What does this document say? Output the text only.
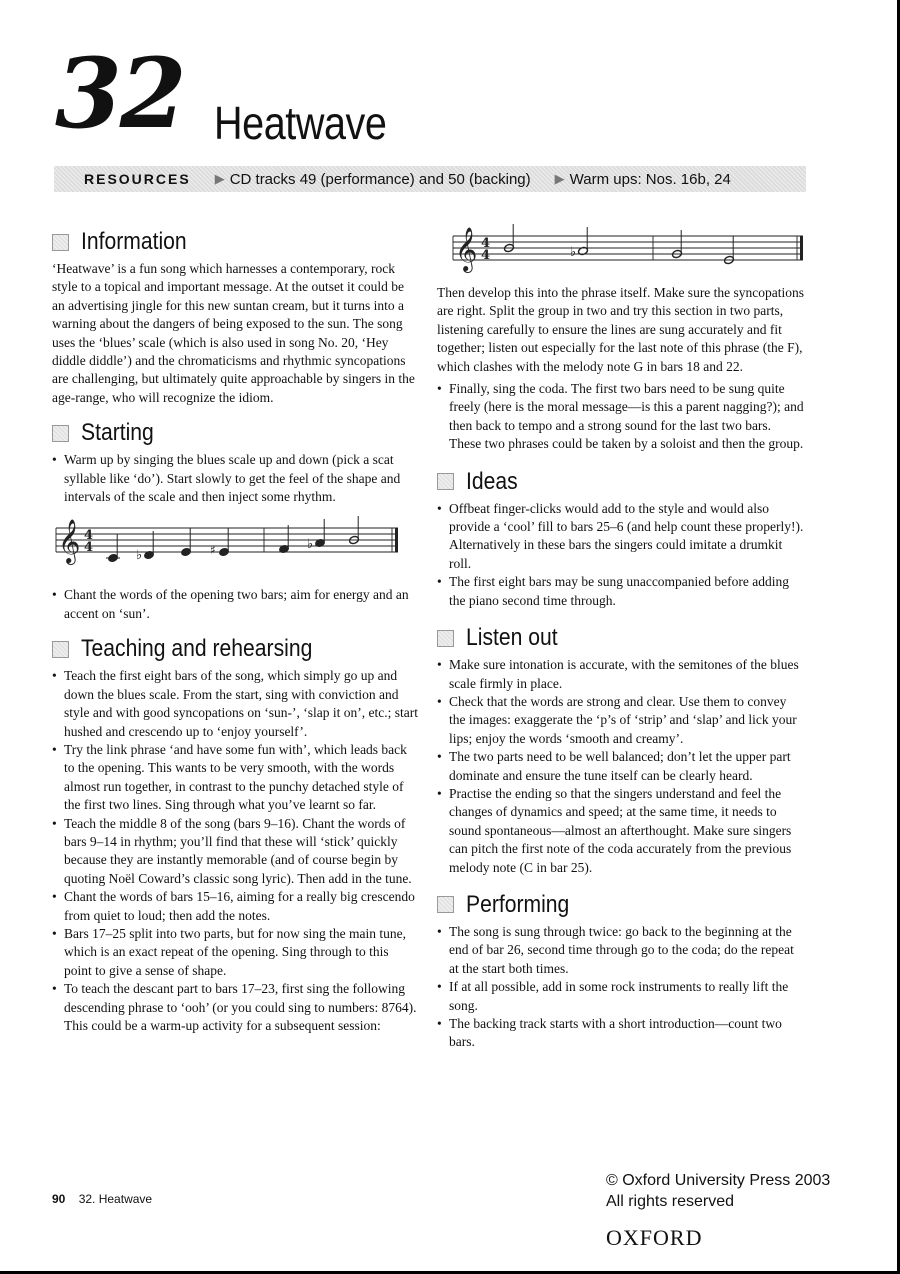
32 Heatwave
RESOURCES ▶ CD tracks 49 (performance) and 50 (backing) ▶ Warm ups: Nos. 16b, 24
Information

‘Heatwave’ is a fun song which harnesses a contemporary, rock style to a topical and important message. At the outset it could be an advertising jingle for this new suntan cream, but it turns into a warning about the dangers of being exposed to the sun. The song uses the ‘blues’ scale (which is also used in song No. 20, ‘Hey diddle diddle’) and the chromaticisms and rhythmic syncopations are challenging, but ultimately quite approachable by singers in the age-range, who will recognize the idiom.

Starting
• Warm up by singing the blues scale up and down (pick a scat syllable like ‘do’). Start slowly to get the feel of the shape and intervals of the scale and then inject some rhythm.
𝄞 4
4
♭	♯	♭
• Chant the words of the opening two bars; aim for energy and an accent on ‘sun’.
Teaching and rehearsing
• Teach the first eight bars of the song, which simply go up and down the blues scale. From the start, sing with conviction and style and with good syncopations on ‘sun-’, ‘slap it on’, etc.; start hushed and crescendo up to ‘enjoy yourself’.
• Try the link phrase ‘and have some fun with’, which leads back to the opening. This wants to be very smooth, with the words almost run together, in contrast to the punchy detached style of the first two lines. Sing through what you’ve learnt so far.
• Teach the middle 8 of the song (bars 9–16). Chant the words of bars 9–14 in rhythm; you’ll find that these will ‘stick’ quickly because they are instantly memorable (and of course begin by quoting Noël Coward’s classic song lyric). Then add in the tune.
• Chant the words of bars 15–16, aiming for a really big crescendo from quiet to loud; then add the notes.
• Bars 17–25 split into two parts, but for now sing the main tune, which is an exact repeat of the opening. Sing through to this point to give a sense of shape.
• To teach the descant part to bars 17–23, first sing the following descending phrase to ‘ooh’ (or you could sing to numbers: 8764). This could be a warm-up activity for a subsequent session:
𝄞 4
4	♭

Then develop this into the phrase itself. Make sure the syncopations are right. Split the group in two and try this section in two parts, listening carefully to ensure the lines are sung accurately and fit together; listen out especially for the last note of this phrase (the F), which clashes with the melody note G in bars 18 and 22.

• Finally, sing the coda. The first two bars need to be sung quite freely (here is the moral message—is this a parent nagging?); and then back to tempo and a strong sound for the last two bars. These two phrases could be taken by a soloist and then the group.
Ideas
• Offbeat finger-clicks would add to the style and would also provide a ‘cool’ fill to bars 25–6 (and help count these properly!). Alternatively in these bars the singers could imitate a drumkit roll.
• The first eight bars may be sung unaccompanied before adding the piano second time through.
Listen out
• Make sure intonation is accurate, with the semitones of the blues scale firmly in place.
• Check that the words are strong and clear. Use them to convey the images: exaggerate the ‘p’s of ‘strip’ and ‘slap’ and lick your lips; enjoy the words ‘smooth and creamy’.
• The two parts need to be well balanced; don’t let the upper part dominate and ensure the tune itself can be clearly heard.
• Practise the ending so that the singers understand and feel the changes of dynamics and speed; at the same time, it needs to sound spontaneous—almost an afterthought. Make sure singers can pitch the first note of the coda accurately from the previous melody note (C in bar 25).
Performing
• The song is sung through twice: go back to the beginning at the end of bar 26, second time through go to the coda; do the repeat at the start both times.
• If at all possible, add in some rock instruments to really lift the song.
• The backing track starts with a short introduction—count two bars.
90 32. Heatwave
© Oxford University Press 2003
All rights reserved
OXFORD
